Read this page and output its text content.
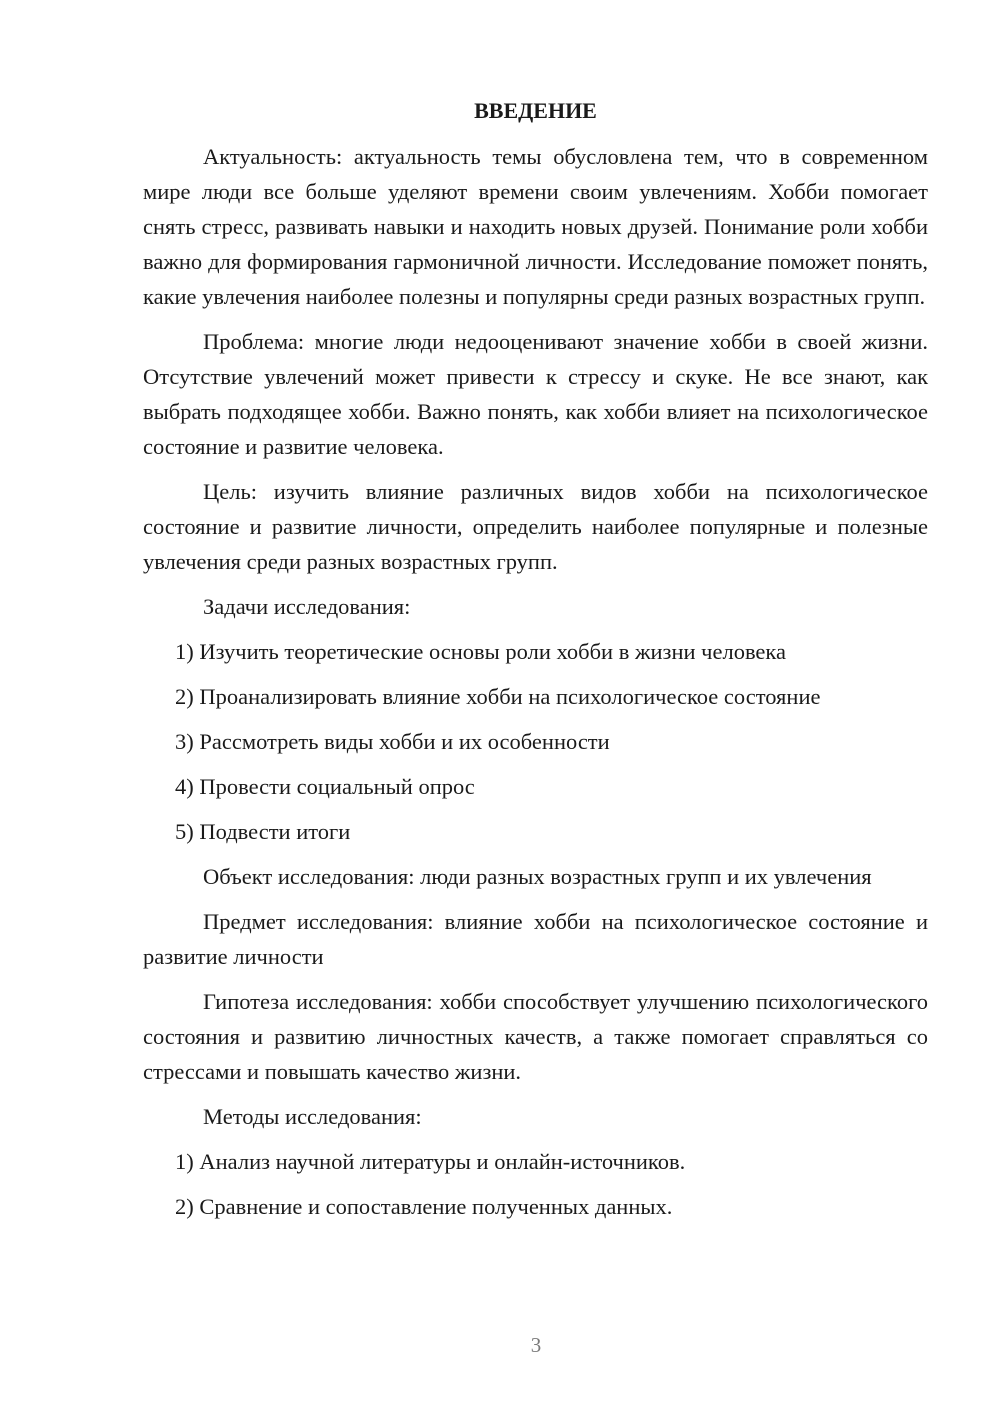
ВВЕДЕНИЕ

Актуальность: актуальность темы обусловлена тем, что в современном мире люди все больше уделяют времени своим увлечениям. Хобби помогает снять стресс, развивать навыки и находить новых друзей. Понимание роли хобби важно для формирования гармоничной личности. Исследование поможет понять, какие увлечения наиболее полезны и популярны среди разных возрастных групп.

Проблема: многие люди недооценивают значение хобби в своей жизни. Отсутствие увлечений может привести к стрессу и скуке. Не все знают, как выбрать подходящее хобби. Важно понять, как хобби влияет на психологическое состояние и развитие человека.

Цель: изучить влияние различных видов хобби на психологическое состояние и развитие личности, определить наиболее популярные и полезные увлечения среди разных возрастных групп.

Задачи исследования:

1) Изучить теоретические основы роли хобби в жизни человека
2) Проанализировать влияние хобби на психологическое состояние
3) Рассмотреть виды хобби и их особенности
4) Провести социальный опрос
5) Подвести итоги

Объект исследования: люди разных возрастных групп и их увлечения

Предмет исследования: влияние хобби на психологическое состояние и развитие личности

Гипотеза исследования: хобби способствует улучшению психологического состояния и развитию личностных качеств, а также помогает справляться со стрессами и повышать качество жизни.

Методы исследования:

1) Анализ научной литературы и онлайн-источников.
2) Сравнение и сопоставление полученных данных.
3
